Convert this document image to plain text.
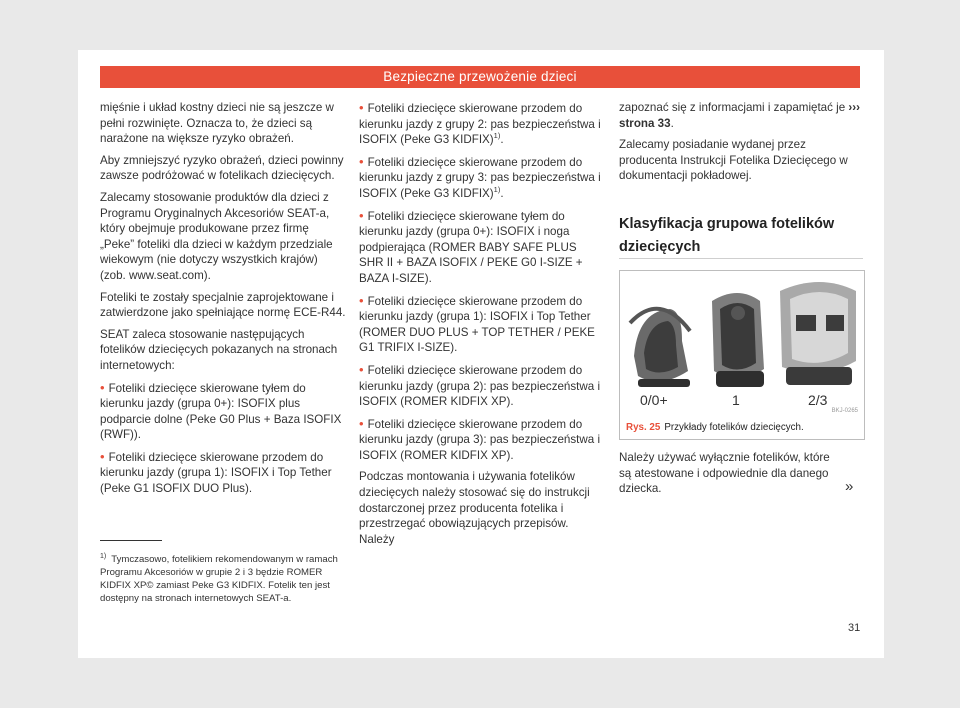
Bezpieczne przewożenie dzieci

mięśnie i układ kostny dzieci nie są jeszcze w pełni rozwinięte. Oznacza to, że dzieci są narażone na większe ryzyko obrażeń.

Aby zmniejszyć ryzyko obrażeń, dzieci powinny zawsze podróżować w fotelikach dziecięcych.

Zalecamy stosowanie produktów dla dzieci z Programu Oryginalnych Akcesoriów SEAT-a, który obejmuje produkowane przez firmę „Peke” foteliki dla dzieci w każdym przedziale wiekowym (nie dotyczy wszystkich krajów) (zob. www.seat.com).

Foteliki te zostały specjalnie zaprojektowane i zatwierdzone jako spełniające normę ECE-R44.

SEAT zaleca stosowanie następujących fotelików dziecięcych pokazanych na stronach internetowych:

• Foteliki dziecięce skierowane tyłem do kierunku jazdy (grupa 0+): ISOFIX plus podparcie dolne (Peke G0 Plus + Baza ISOFIX (RWF)).

• Foteliki dziecięce skierowane przodem do kierunku jazdy (grupa 1): ISOFIX i Top Tether (Peke G1 ISOFIX DUO Plus).

$^{1)}$ Tymczasowo, fotelikiem rekomendowanym w ramach Programu Akcesoriów w grupie 2 i 3 będzie ROMER KIDFIX XP© zamiast Peke G3 KIDFIX. Fotelik ten jest dostępny na stronach internetowych SEAT-a.

• Foteliki dziecięce skierowane przodem do kierunku jazdy z grupy 2: pas bezpieczeństwa i ISOFIX (Peke G3 KIDFIX)$^{1)}$.

• Foteliki dziecięce skierowane przodem do kierunku jazdy z grupy 3: pas bezpieczeństwa i ISOFIX (Peke G3 KIDFIX)$^{1)}$.

• Foteliki dziecięce skierowane tyłem do kierunku jazdy (grupa 0+): ISOFIX i noga podpierająca (ROMER BABY SAFE PLUS SHR II + BAZA ISOFIX / PEKE G0 I-SIZE + BAZA I-SIZE).

• Foteliki dziecięce skierowane przodem do kierunku jazdy (grupa 1): ISOFIX i Top Tether (ROMER DUO PLUS + TOP TETHER / PEKE G1 TRIFIX I-SIZE).

• Foteliki dziecięce skierowane przodem do kierunku jazdy (grupa 2): pas bezpieczeństwa i ISOFIX (ROMER KIDFIX XP).

• Foteliki dziecięce skierowane przodem do kierunku jazdy (grupa 3): pas bezpieczeństwa i ISOFIX (ROMER KIDFIX XP).

Podczas montowania i używania fotelików dziecięcych należy stosować się do instrukcji dostarczonej przez producenta fotelika i przestrzegać obowiązujących przepisów. Należy

zapoznać się z informacjami i zapamiętać je ››› strona 33.

Zalecamy posiadanie wydanej przez producenta Instrukcji Fotelika Dziecięcego w dokumentacji pokładowej.

Klasyfikacja grupowa fotelików dziecięcych
0/0+	1	2/3
BKJ-0265
Rys. 25 Przykłady fotelików dziecięcych.

Należy używać wyłącznie fotelików, które są atestowane i odpowiednie dla danego dziecka.	»
31
